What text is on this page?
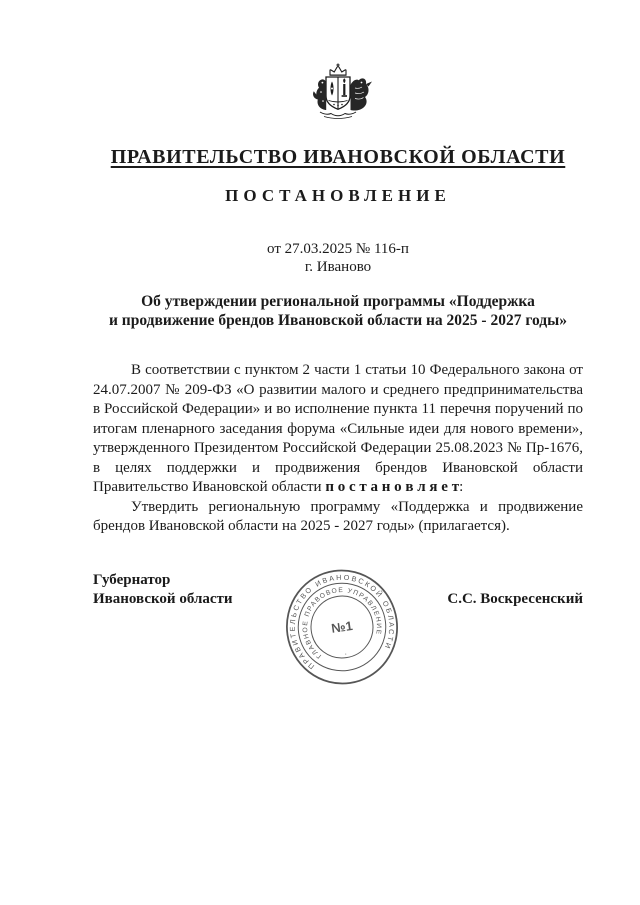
ПРАВИТЕЛЬСТВО ИВАНОВСКОЙ ОБЛАСТИ
ПОСТАНОВЛЕНИЕ
от 27.03.2025 № 116-п
г. Иваново
Об утверждении региональной программы «Поддержка
и продвижение брендов Ивановской области на 2025 - 2027 годы»

В соответствии с пунктом 2 части 1 статьи 10 Федерального закона от 24.07.2007 № 209-ФЗ «О развитии малого и среднего предпринимательства в Российской Федерации» и во исполнение пункта 11 перечня поручений по итогам пленарного заседания форума «Сильные идеи для нового времени», утвержденного Президентом Российской Федерации 25.08.2023 № Пр-1676, в целях поддержки и продвижения брендов Ивановской области Правительство Ивановской области п о с т а н о в л я е т:

Утвердить региональную программу «Поддержка и продвижение брендов Ивановской области на 2025 - 2027 годы» (прилагается).

Губернатор
Ивановской области	С.С. Воскресенский
ПРАВИТЕЛЬСТВО ИВАНОВСКОЙ ОБЛАСТИ
ГЛАВНОЕ ПРАВОВОЕ УПРАВЛЕНИЕ
№1
·
